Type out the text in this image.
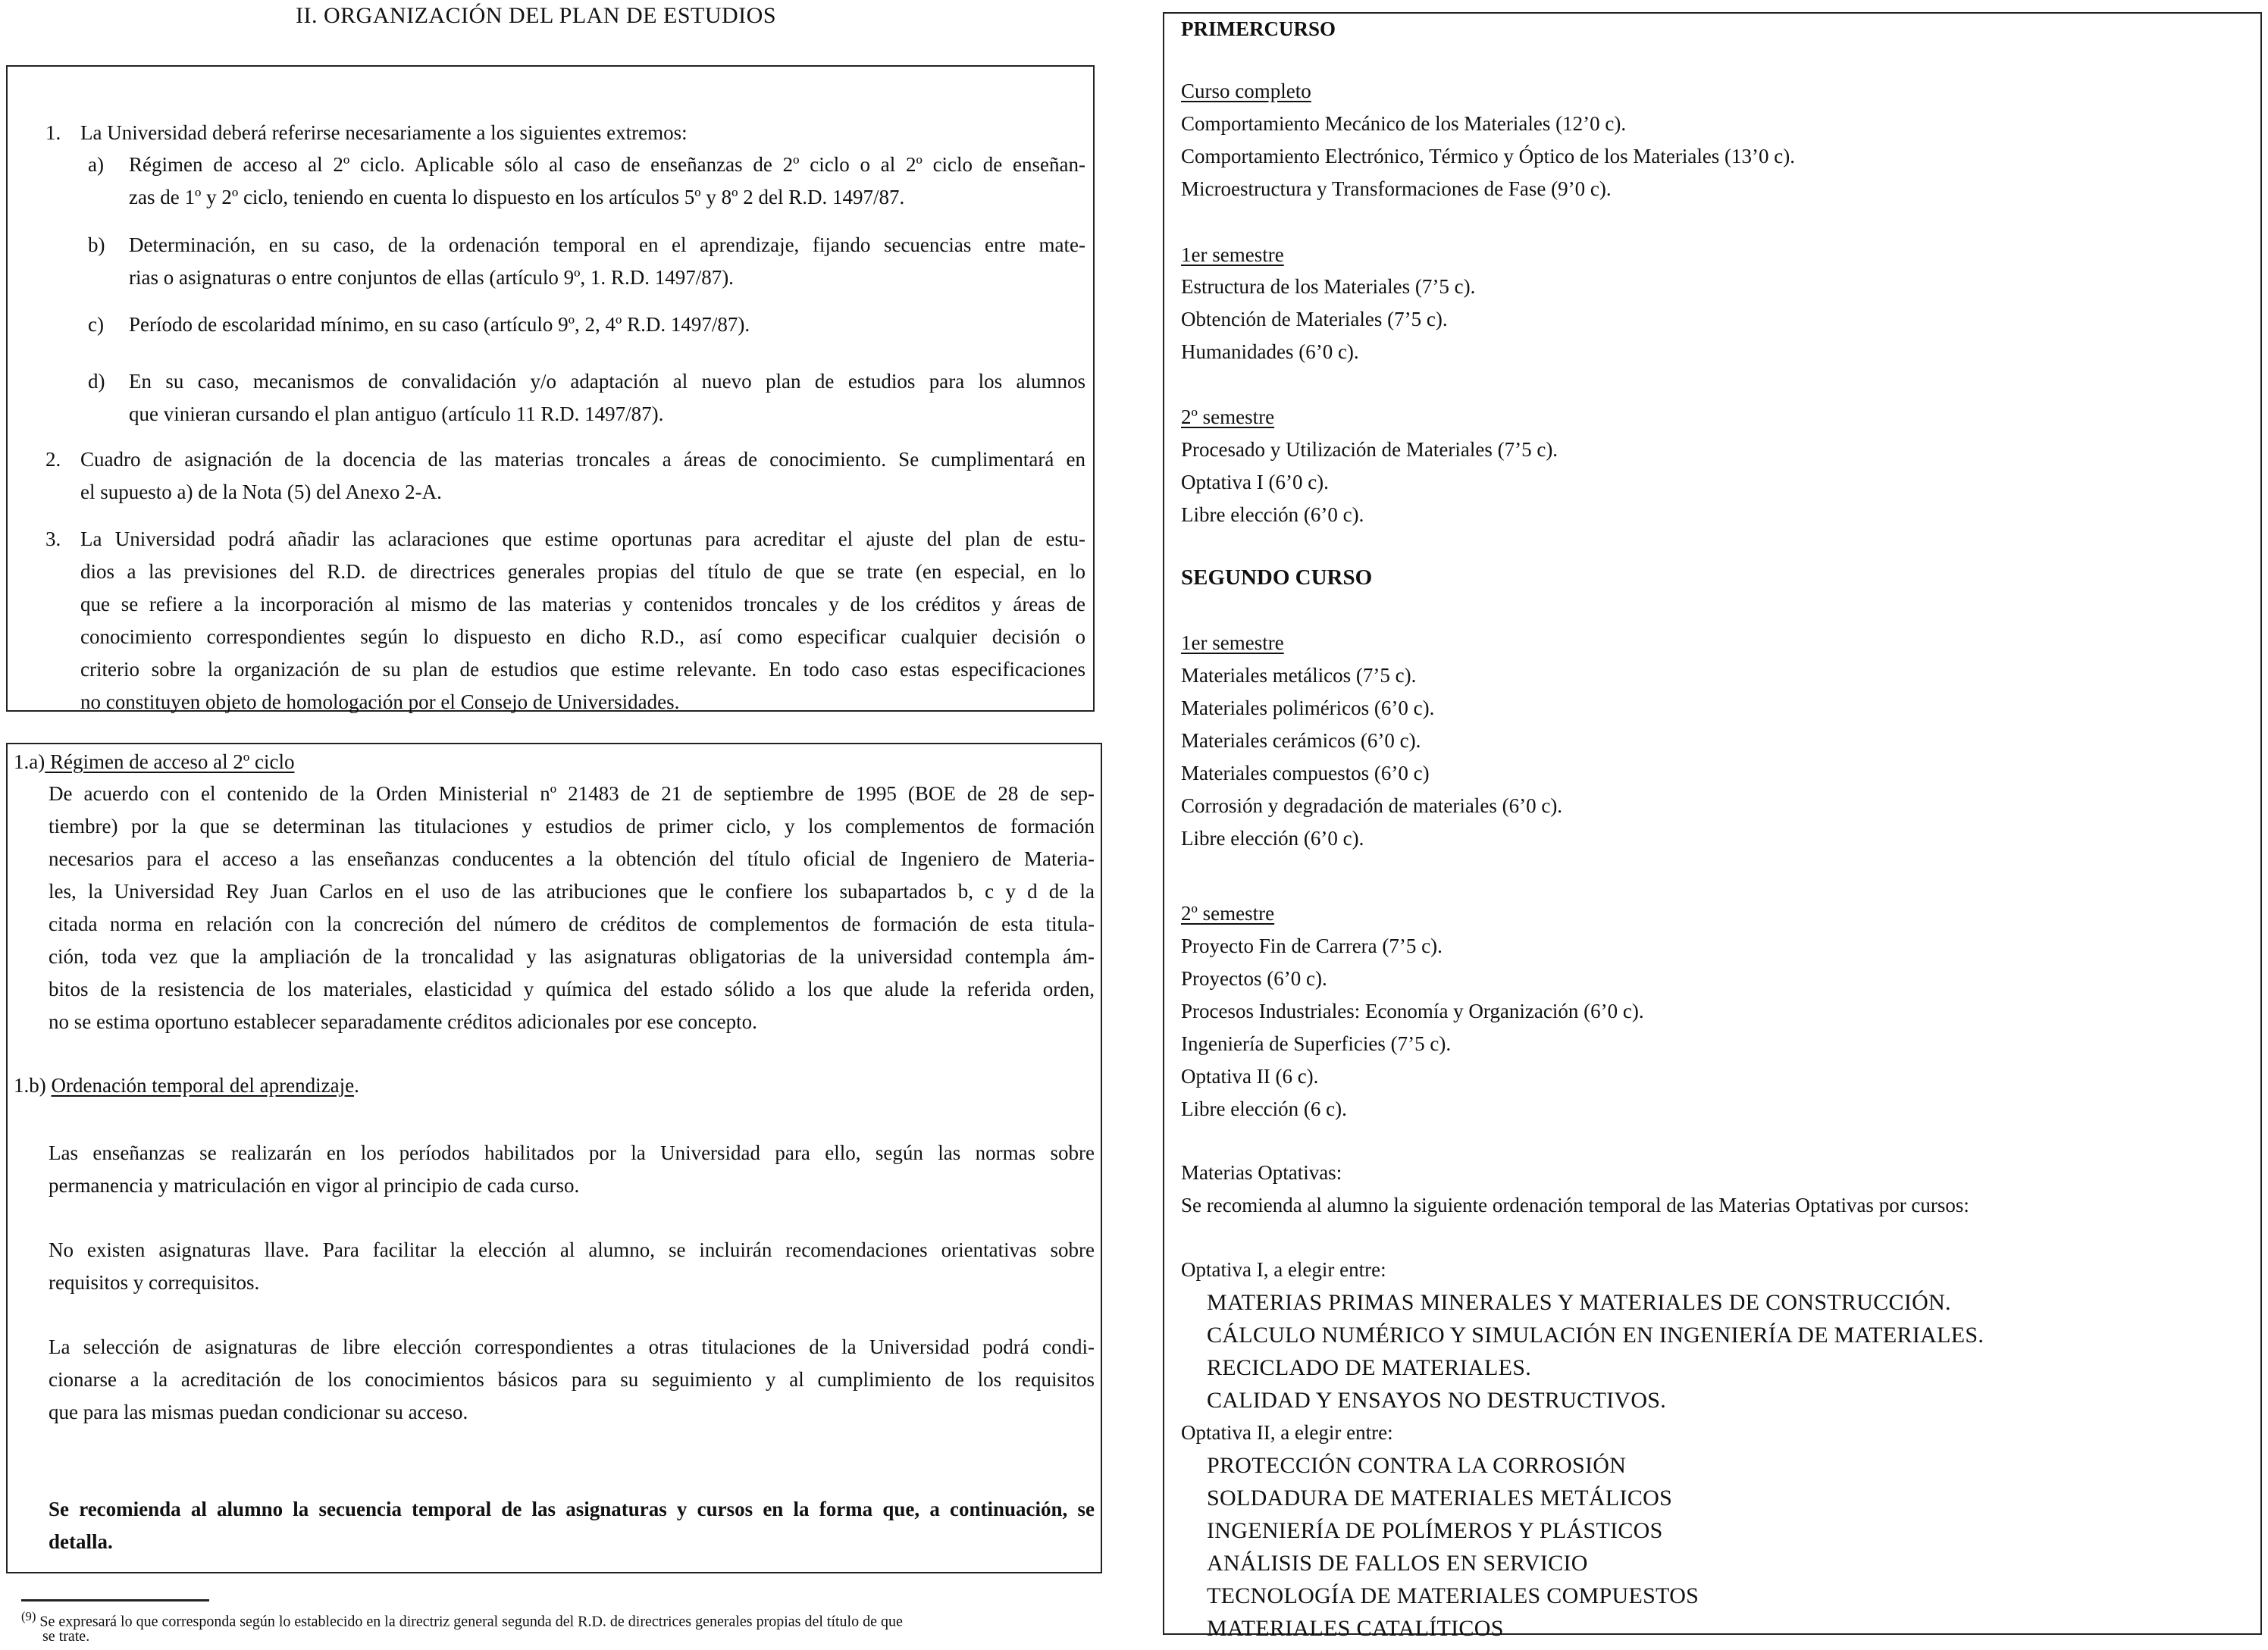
II. ORGANIZACIÓN DEL PLAN DE ESTUDIOS
1. La Universidad deberá referirse necesariamente a los siguientes extremos:
a) Régimen de acceso al 2º ciclo. Aplicable sólo al caso de enseñanzas de 2º ciclo o al 2º ciclo de enseñan-
zas de 1º y 2º ciclo, teniendo en cuenta lo dispuesto en los artículos 5º y 8º 2 del R.D. 1497/87.
b) Determinación, en su caso, de la ordenación temporal en el aprendizaje, fijando secuencias entre mate-
rias o asignaturas o entre conjuntos de ellas (artículo 9º, 1. R.D. 1497/87).
c) Período de escolaridad mínimo, en su caso (artículo 9º, 2, 4º R.D. 1497/87).
d) En su caso, mecanismos de convalidación y/o adaptación al nuevo plan de estudios para los alumnos
que vinieran cursando el plan antiguo (artículo 11 R.D. 1497/87).
2. Cuadro de asignación de la docencia de las materias troncales a áreas de conocimiento. Se cumplimentará en
el supuesto a) de la Nota (5) del Anexo 2-A.
3. La Universidad podrá añadir las aclaraciones que estime oportunas para acreditar el ajuste del plan de estu-
dios a las previsiones del R.D. de directrices generales propias del título de que se trate (en especial, en lo
que se refiere a la incorporación al mismo de las materias y contenidos troncales y de los créditos y áreas de
conocimiento correspondientes según lo dispuesto en dicho R.D., así como especificar cualquier decisión o
criterio sobre la organización de su plan de estudios que estime relevante. En todo caso estas especificaciones
no constituyen objeto de homologación por el Consejo de Universidades.
1.a) Régimen de acceso al 2º ciclo
De acuerdo con el contenido de la Orden Ministerial nº 21483 de 21 de septiembre de 1995 (BOE de 28 de sep-
tiembre) por la que se determinan las titulaciones y estudios de primer ciclo, y los complementos de formación
necesarios para el acceso a las enseñanzas conducentes a la obtención del título oficial de Ingeniero de Materia-
les, la Universidad Rey Juan Carlos en el uso de las atribuciones que le confiere los subapartados b, c y d de la
citada norma en relación con la concreción del número de créditos de complementos de formación de esta titula-
ción, toda vez que la ampliación de la troncalidad y las asignaturas obligatorias de la universidad contempla ám-
bitos de la resistencia de los materiales, elasticidad y química del estado sólido a los que alude la referida orden,
no se estima oportuno establecer separadamente créditos adicionales por ese concepto.
1.b) Ordenación temporal del aprendizaje.
Las enseñanzas se realizarán en los períodos habilitados por la Universidad para ello, según las normas sobre
permanencia y matriculación en vigor al principio de cada curso.
No existen asignaturas llave. Para facilitar la elección al alumno, se incluirán recomendaciones orientativas sobre
requisitos y correquisitos.
La selección de asignaturas de libre elección correspondientes a otras titulaciones de la Universidad podrá condi-
cionarse a la acreditación de los conocimientos básicos para su seguimiento y al cumplimiento de los requisitos
que para las mismas puedan condicionar su acceso.
Se recomienda al alumno la secuencia temporal de las asignaturas y cursos en la forma que, a continuación, se
detalla.
$^{(9)}$ Se expresará lo que corresponda según lo establecido en la directriz general segunda del R.D. de directrices generales propias del título de que
se trate.
PRIMERCURSO
Curso completo
Comportamiento Mecánico de los Materiales (12’0 c).
Comportamiento Electrónico, Térmico y Óptico de los Materiales (13’0 c).
Microestructura y Transformaciones de Fase (9’0 c).
1er semestre
Estructura de los Materiales (7’5 c).
Obtención de Materiales (7’5 c).
Humanidades (6’0 c).
2º semestre
Procesado y Utilización de Materiales (7’5 c).
Optativa I (6’0 c).
Libre elección (6’0 c).
SEGUNDO CURSO
1er semestre
Materiales metálicos (7’5 c).
Materiales poliméricos (6’0 c).
Materiales cerámicos (6’0 c).
Materiales compuestos (6’0 c)
Corrosión y degradación de materiales (6’0 c).
Libre elección (6’0 c).
2º semestre
Proyecto Fin de Carrera (7’5 c).
Proyectos (6’0 c).
Procesos Industriales: Economía y Organización (6’0 c).
Ingeniería de Superficies (7’5 c).
Optativa II (6 c).
Libre elección (6 c).
Materias Optativas:
Se recomienda al alumno la siguiente ordenación temporal de las Materias Optativas por cursos:
Optativa I, a elegir entre:
MATERIAS PRIMAS MINERALES Y MATERIALES DE CONSTRUCCIÓN.
CÁLCULO NUMÉRICO Y SIMULACIÓN EN INGENIERÍA DE MATERIALES.
RECICLADO DE MATERIALES.
CALIDAD Y ENSAYOS NO DESTRUCTIVOS.
Optativa II, a elegir entre:
PROTECCIÓN CONTRA LA CORROSIÓN
SOLDADURA DE MATERIALES METÁLICOS
INGENIERÍA DE POLÍMEROS Y PLÁSTICOS
ANÁLISIS DE FALLOS EN SERVICIO
TECNOLOGÍA DE MATERIALES COMPUESTOS
MATERIALES CATALÍTICOS
